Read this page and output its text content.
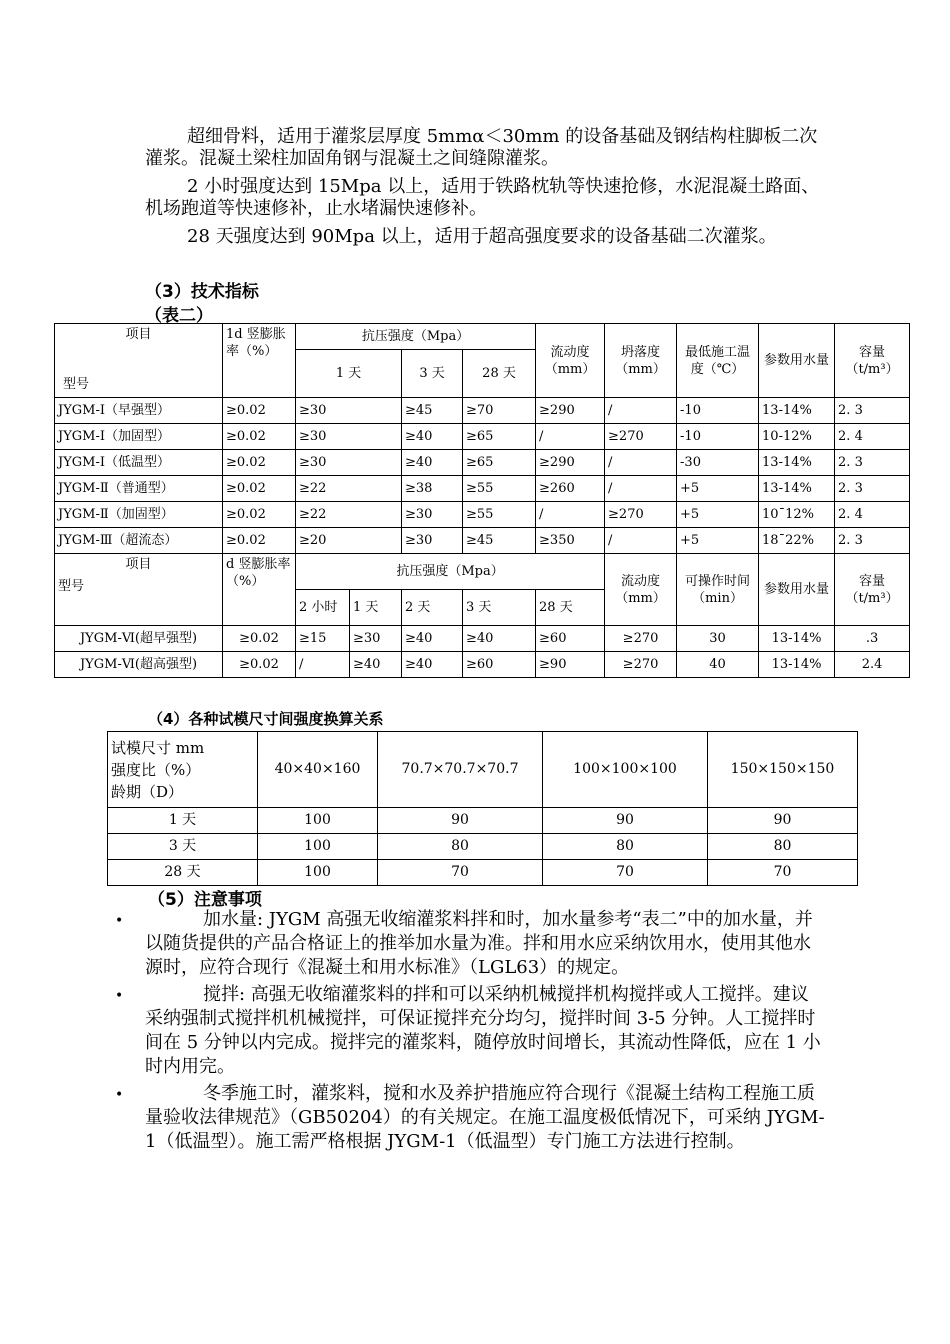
超细骨料，适用于灌浆层厚度 5mmα＜30mm 的设备基础及钢结构柱脚板二次灌浆。混凝土梁柱加固角钢与混凝土之间缝隙灌浆。

2 小时强度达到 15Mpa 以上，适用于铁路枕轨等快速抢修，水泥混凝土路面、机场跑道等快速修补，止水堵漏快速修补。

28 天强度达到 90Mpa 以上，适用于超高强度要求的设备基础二次灌浆。

（3）技术指标
（表二）
项目
型号	1d 竖膨胀率（%）	抗压强度（Mpa）				流动度（mm）	坍落度（mm）	最低施工温度（℃）	参数用水量	容量（t/m³）
		1 天		3 天	28 天					
JYGM-Ⅰ（早强型）	≥0.02	≥30		≥45	≥70	≥290	/	-10	13-14%	2. 3
JYGM-Ⅰ（加固型）	≥0.02	≥30		≥40	≥65	/	≥270	-10	10-12%	2. 4
JYGM-Ⅰ（低温型）	≥0.02	≥30		≥40	≥65	≥290	/	-30	13-14%	2. 3
JYGM-Ⅱ（普通型）	≥0.02	≥22		≥38	≥55	≥260	/	+5	13-14%	2. 3
JYGM-Ⅱ（加固型）	≥0.02	≥22		≥30	≥55	/	≥270	+5	10¯12%	2. 4
JYGM-Ⅲ（超流态）	≥0.02	≥20		≥30	≥45	≥350	/	+5	18¯22%	2. 3

项目
型号	d 竖膨胀率（%）	抗压强度（Mpa）					流动度（mm）	可操作时间（min）	参数用水量	容量（t/m³）
		2 小时	1 天	2 天	3 天	28 天				
JYGM-Ⅵ(超早强型)	≥0.02	≥15	≥30	≥40	≥40	≥60	≥270	30	13-14%	.3
JYGM-Ⅵ(超高强型)	≥0.02	/	≥40	≥40	≥60	≥90	≥270	40	13-14%	2.4
（4）各种试模尺寸间强度换算关系
试模尺寸 mm
强度比（%）
龄期（D）	40×40×160	70.7×70.7×70.7	100×100×100	150×150×150
1 天	100	90	90	90
3 天	100	80	80	80
28 天	100	70	70	70
（5）注意事项
•	加水量: JYGM 高强无收缩灌浆料拌和时，加水量参考“表二”中的加水量，并以随货提供的产品合格证上的推举加水量为准。拌和用水应采纳饮用水，使用其他水源时，应符合现行《混凝土和用水标准》（LGL63）的规定。
•	搅拌: 高强无收缩灌浆料的拌和可以采纳机械搅拌机构搅拌或人工搅拌。建议采纳强制式搅拌机机械搅拌，可保证搅拌充分均匀，搅拌时间 3-5 分钟。人工搅拌时间在 5 分钟以内完成。搅拌完的灌浆料，随停放时间增长，其流动性降低，应在 1 小时内用完。
•	冬季施工时，灌浆料，搅和水及养护措施应符合现行《混凝土结构工程施工质量验收法律规范》（GB50204）的有关规定。在施工温度极低情况下，可采纳 JYGM-1（低温型）。施工需严格根据 JYGM-1（低温型）专门施工方法进行控制。
